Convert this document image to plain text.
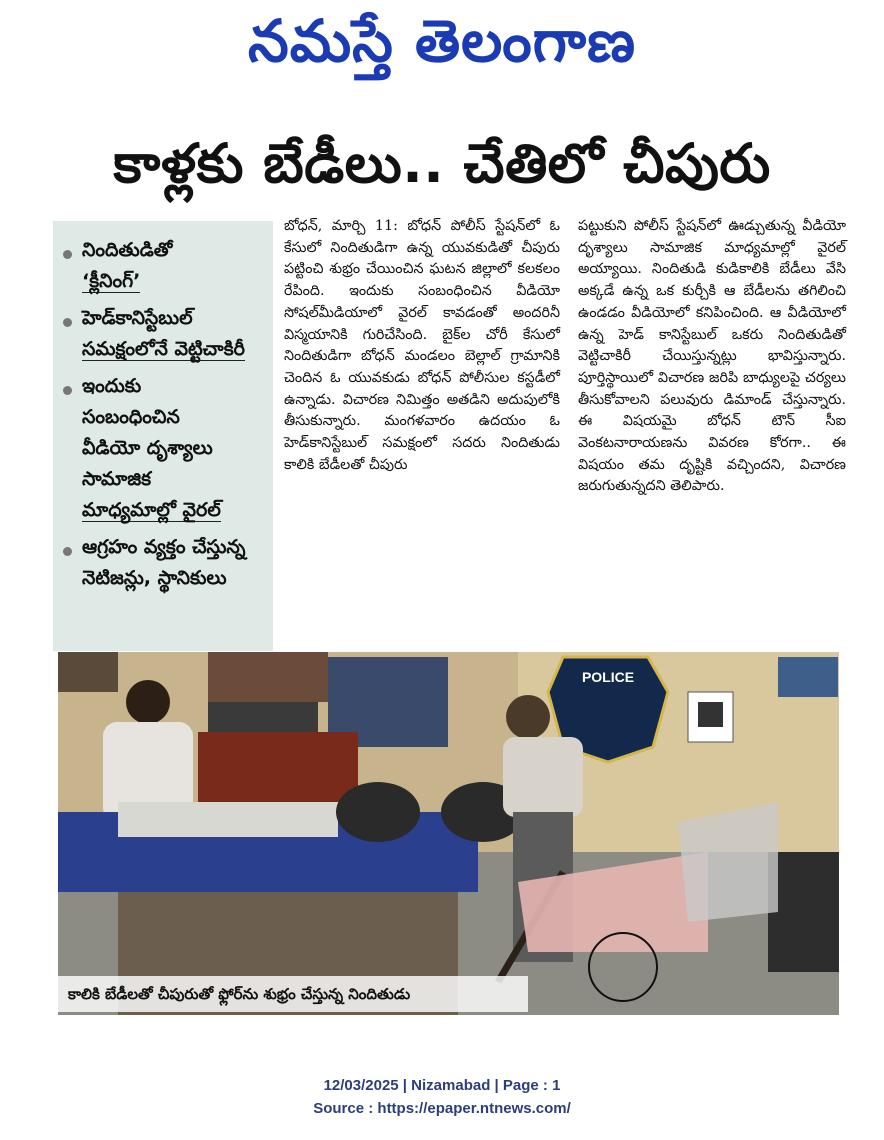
నమస్తే తెలంగాణ
కాళ్లకు బేడీలు.. చేతిలో చీపురు
నిందితుడితో
‘క్లీనింగ్‌’
హెడ్‌కానిస్టేబుల్‌
సమక్షంలోనే వెట్టిచాకిరీ
ఇందుకు
సంబంధించిన
వీడియో దృశ్యాలు
సామాజిక
మాధ్యమాల్లో వైరల్‌
ఆగ్రహం వ్యక్తం చేస్తున్న
నెటిజన్లు, స్థానికులు
బోధన్‌, మార్చి 11: బోధన్‌ పోలీస్‌ స్టేషన్‌లో ఓ కేసులో నిందితుడిగా ఉన్న యువకుడితో చీపురు పట్టించి శుభ్రం చేయించిన ఘటన జిల్లాలో కలకలం రేపింది. ఇందుకు సంబంధించిన వీడియో సోషల్‌మీడియాలో వైరల్‌ కావడంతో అందరినీ విస్మయానికి గురిచేసింది. బైక్‌ల చోరీ కేసులో నిందితుడిగా బోధన్‌ మండలం బెల్లాల్‌ గ్రామానికి చెందిన ఓ యువకుడు బోధన్‌ పోలీసుల కస్టడీలో ఉన్నాడు. విచారణ నిమిత్తం అతడిని అదుపులోకి తీసుకున్నారు. మంగళవారం ఉదయం ఓ హెడ్‌కానిస్టేబుల్‌ సమక్షంలో సదరు నిందితుడు కాలికి బేడీలతో చీపురు
పట్టుకుని పోలీస్‌ స్టేషన్‌లో ఊడ్చుతున్న వీడియో దృశ్యాలు సామాజిక మాధ్యమాల్లో వైరల్‌ అయ్యాయి. నిందితుడి కుడికాలికి బేడీలు వేసి అక్కడే ఉన్న ఒక కుర్చీకి ఆ బేడీలను తగిలించి ఉండడం వీడియోలో కనిపించింది. ఆ వీడియోలో ఉన్న హెడ్‌ కానిస్టేబుల్‌ ఒకరు నిందితుడితో వెట్టిచాకిరీ చేయిస్తున్నట్లు భావిస్తున్నారు. పూర్తిస్థాయిలో విచారణ జరిపి బాధ్యులపై చర్యలు తీసుకోవాలని పలువురు డిమాండ్‌ చేస్తున్నారు. ఈ విషయమై బోధన్‌ టౌన్‌ సీఐ వెంకటనారాయణను వివరణ కోరగా.. ఈ విషయం తమ దృష్టికి వచ్చిందని, విచారణ జరుగుతున్నదని తెలిపారు.
POLICE
కాలికి బేడీలతో చీపురుతో ఫ్లోర్‌ను శుభ్రం చేస్తున్న నిందితుడు
12/03/2025 | Nizamabad | Page : 1
Source : https://epaper.ntnews.com/
